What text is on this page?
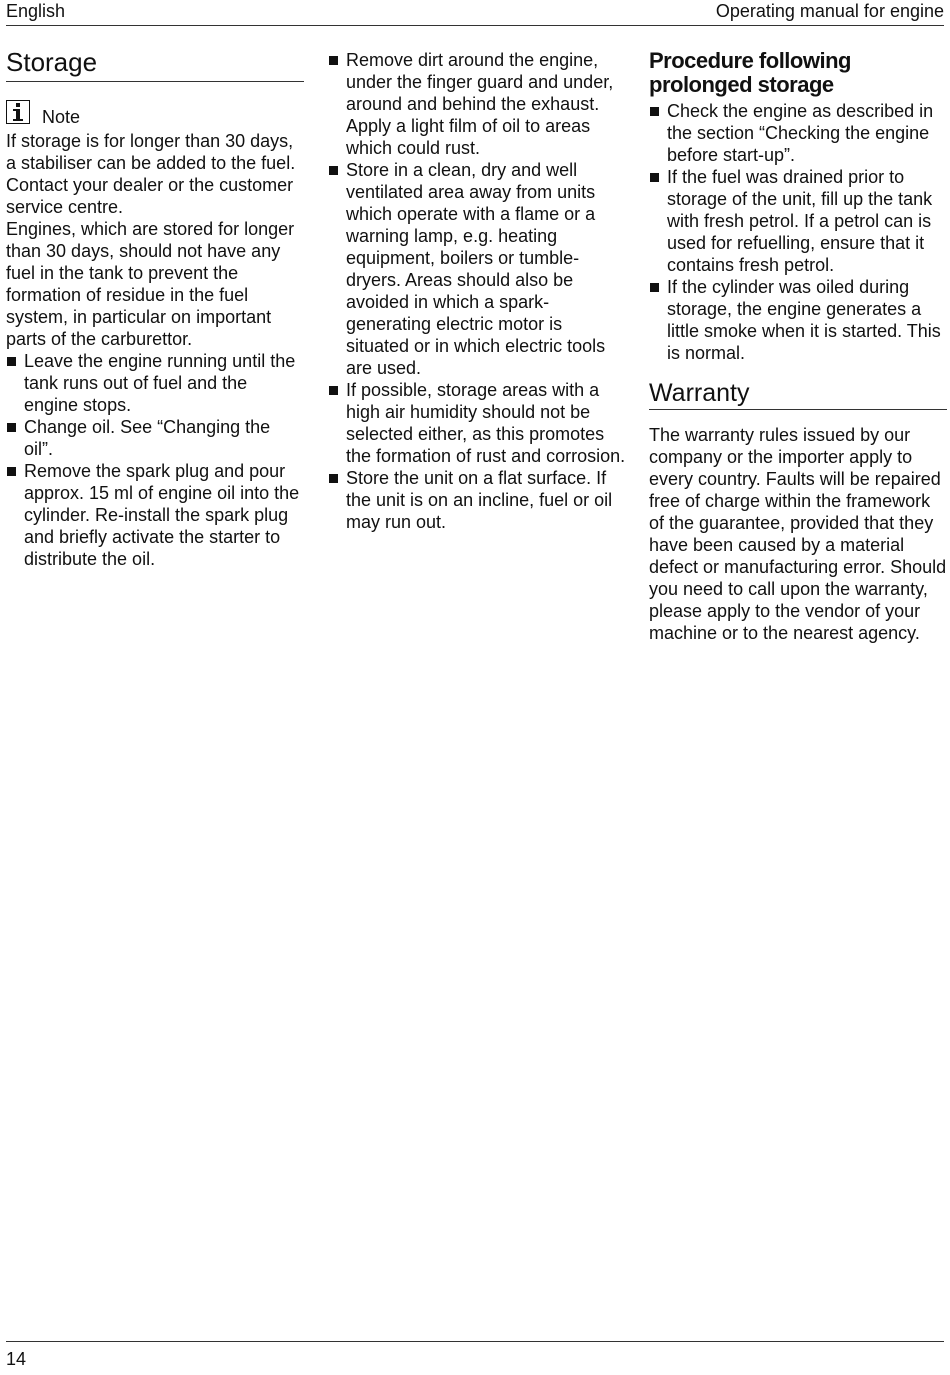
English	Operating manual for engine
Storage
Note

If storage is for longer than 30 days, a stabiliser can be added to the fuel. Contact your dealer or the customer service centre.

Engines, which are stored for longer than 30 days, should not have any fuel in the tank to prevent the formation of residue in the fuel system, in particular on important parts of the carburettor.

Leave the engine running until the tank runs out of fuel and the engine stops.
Change oil. See “Changing the oil”.
Remove the spark plug and pour approx. 15 ml of engine oil into the cylinder. Re-install the spark plug and briefly activate the starter to distribute the oil.
Remove dirt around the engine, under the finger guard and under, around and behind the exhaust. Apply a light film of oil to areas which could rust.
Store in a clean, dry and well ventilated area away from units which operate with a flame or a warning lamp, e.g. heating equipment, boilers or tumble-dryers. Areas should also be avoided in which a spark-generating electric motor is situated or in which electric tools are used.
If possible, storage areas with a high air humidity should not be selected either, as this promotes the formation of rust and corrosion.
Store the unit on a flat surface. If the unit is on an incline, fuel or oil may run out.
Procedure following prolonged storage
Check the engine as described in the section “Checking the engine before start-up”.
If the fuel was drained prior to storage of the unit, fill up the tank with fresh petrol. If a petrol can is used for refuelling, ensure that it contains fresh petrol.
If the cylinder was oiled during storage, the engine generates a little smoke when it is started. This is normal.
Warranty

The warranty rules issued by our company or the importer apply to every country. Faults will be repaired free of charge within the framework of the guarantee, provided that they have been caused by a material defect or manufacturing error. Should you need to call upon the warranty, please apply to the vendor of your machine or to the nearest agency.

14
